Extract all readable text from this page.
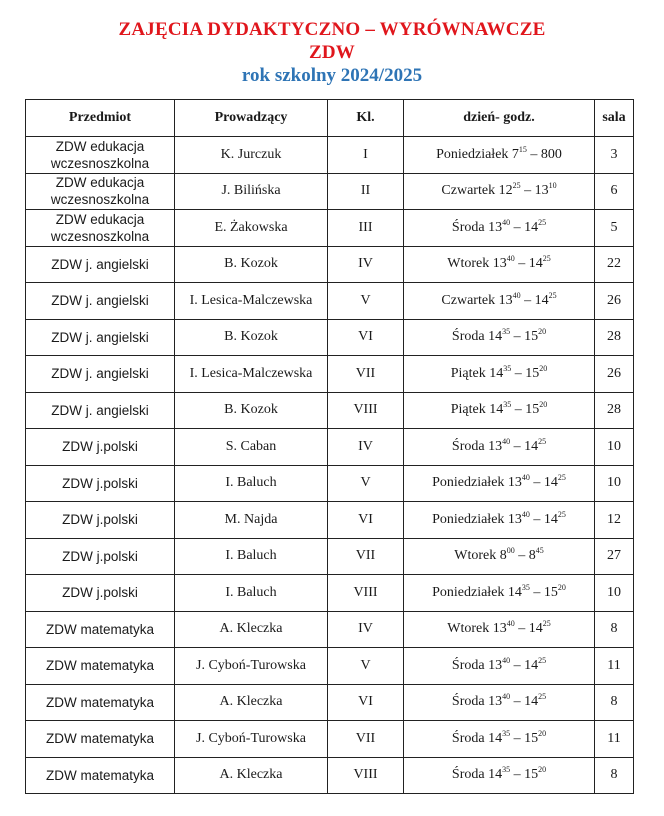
ZAJĘCIA DYDAKTYCZNO – WYRÓWNAWCZE
ZDW
rok szkolny 2024/2025
Przedmiot	Prowadzący	Kl.	dzień- godz.	sala
ZDW edukacja wczesnoszkolna	K. Jurczuk	I	Poniedziałek $7^{15} - 800$	3
ZDW edukacja wczesnoszkolna	J. Bilińska	II	Czwartek $12^{25} - 13^{10}$	6
ZDW edukacja wczesnoszkolna	E. Żakowska	III	Środa $13^{40} - 14^{25}$	5
ZDW j. angielski	B. Kozok	IV	Wtorek $13^{40} - 14^{25}$	22
ZDW j. angielski	I. Lesica-Malczewska	V	Czwartek $13^{40} - 14^{25}$	26
ZDW j. angielski	B. Kozok	VI	Środa $14^{35} - 15^{20}$	28
ZDW j. angielski	I. Lesica-Malczewska	VII	Piątek $14^{35} - 15^{20}$	26
ZDW j. angielski	B. Kozok	VIII	Piątek $14^{35} - 15^{20}$	28
ZDW j.polski	S. Caban	IV	Środa $13^{40} - 14^{25}$	10
ZDW j.polski	I. Baluch	V	Poniedziałek $13^{40} - 14^{25}$	10
ZDW j.polski	M. Najda	VI	Poniedziałek $13^{40} - 14^{25}$	12
ZDW j.polski	I. Baluch	VII	Wtorek $8^{00} - 8^{45}$	27
ZDW j.polski	I. Baluch	VIII	Poniedziałek $14^{35} - 15^{20}$	10
ZDW matematyka	A. Kleczka	IV	Wtorek $13^{40} - 14^{25}$	8
ZDW matematyka	J. Cyboń-Turowska	V	Środa $13^{40} - 14^{25}$	11
ZDW matematyka	A. Kleczka	VI	Środa $13^{40} - 14^{25}$	8
ZDW matematyka	J. Cyboń-Turowska	VII	Środa $14^{35} - 15^{20}$	11
ZDW matematyka	A. Kleczka	VIII	Środa $14^{35} - 15^{20}$	8
